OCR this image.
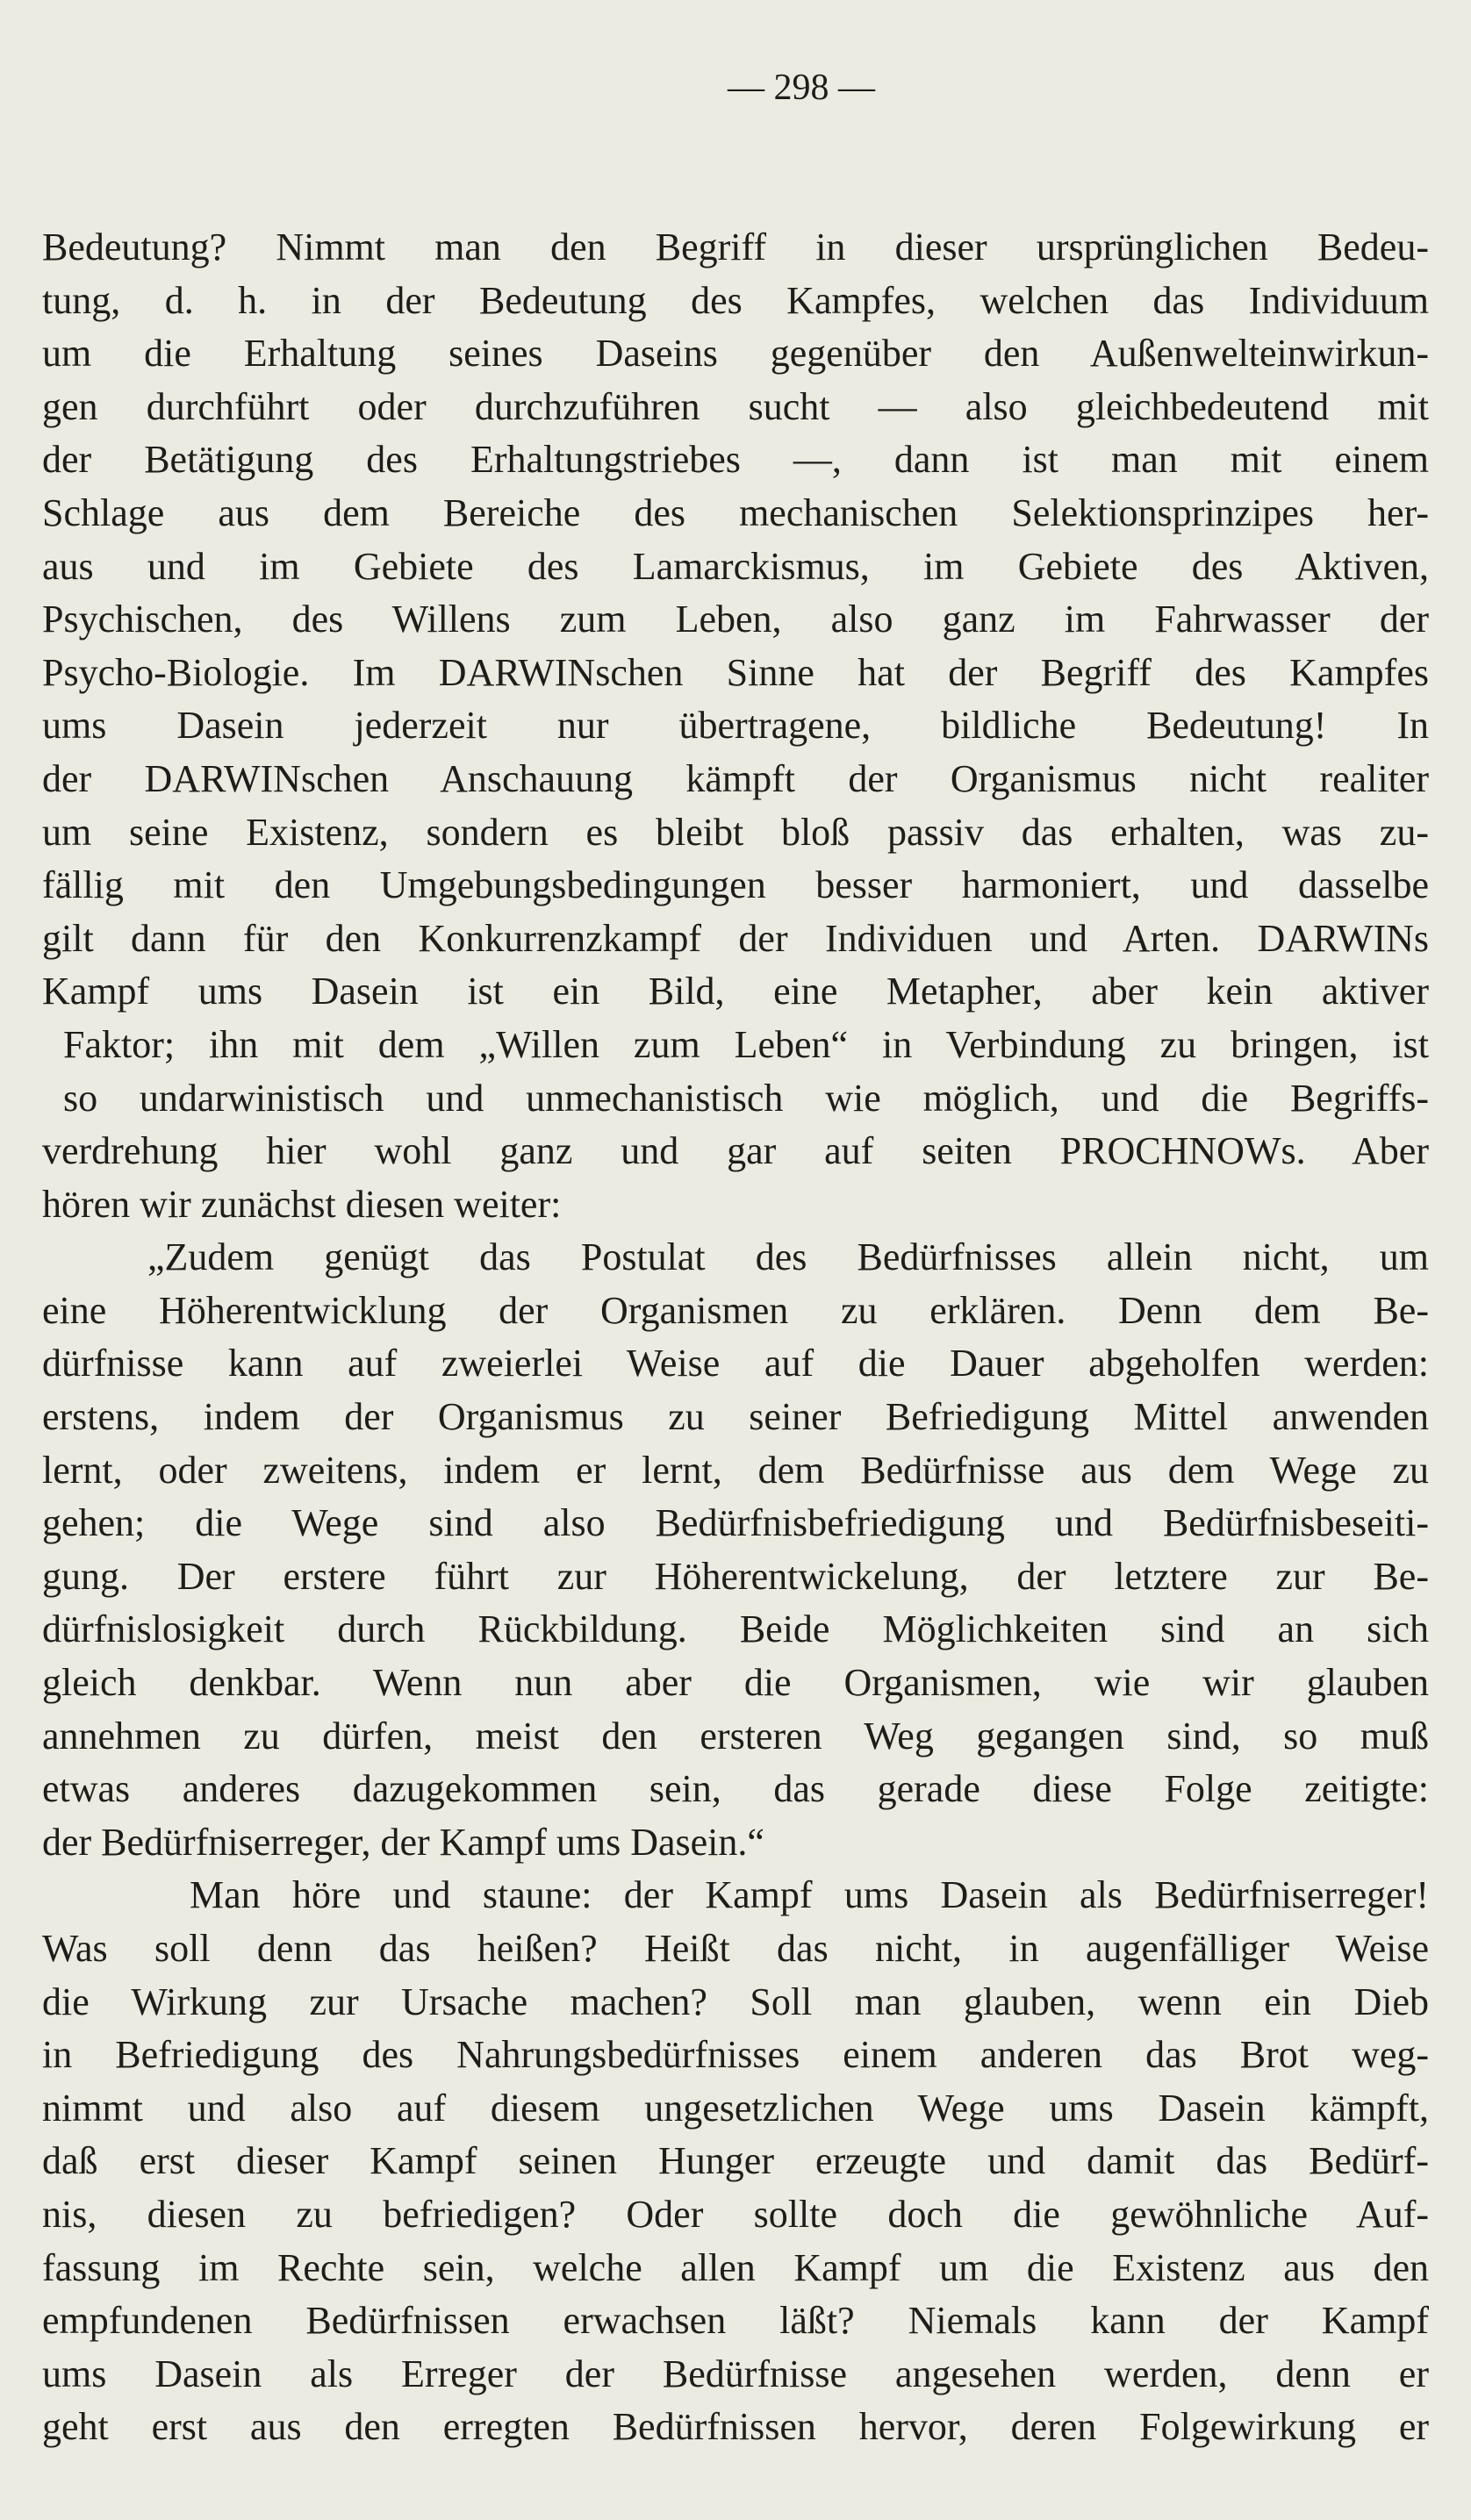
— 298 —
Bedeutung? Nimmt man den Begriff in dieser ursprünglichen Bedeu-
tung, d. h. in der Bedeutung des Kampfes, welchen das Individuum
um die Erhaltung seines Daseins gegenüber den Außenwelteinwirkun-
gen durchführt oder durchzuführen sucht — also gleichbedeutend mit
der Betätigung des Erhaltungstriebes —, dann ist man mit einem
Schlage aus dem Bereiche des mechanischen Selektionsprinzipes her-
aus und im Gebiete des Lamarckismus, im Gebiete des Aktiven,
Psychischen, des Willens zum Leben, also ganz im Fahrwasser der
Psycho-Biologie. Im DARWINschen Sinne hat der Begriff des Kampfes
ums Dasein jederzeit nur übertragene, bildliche Bedeutung! In
der DARWINschen Anschauung kämpft der Organismus nicht realiter
um seine Existenz, sondern es bleibt bloß passiv das erhalten, was zu-
fällig mit den Umgebungsbedingungen besser harmoniert, und dasselbe
gilt dann für den Konkurrenzkampf der Individuen und Arten. DARWINs
Kampf ums Dasein ist ein Bild, eine Metapher, aber kein aktiver
Faktor; ihn mit dem „Willen zum Leben“ in Verbindung zu bringen, ist
so undarwinistisch und unmechanistisch wie möglich, und die Begriffs-
verdrehung hier wohl ganz und gar auf seiten PROCHNOWs. Aber
hören wir zunächst diesen weiter:
„Zudem genügt das Postulat des Bedürfnisses allein nicht, um
eine Höherentwicklung der Organismen zu erklären. Denn dem Be-
dürfnisse kann auf zweierlei Weise auf die Dauer abgeholfen werden:
erstens, indem der Organismus zu seiner Befriedigung Mittel anwenden
lernt, oder zweitens, indem er lernt, dem Bedürfnisse aus dem Wege zu
gehen; die Wege sind also Bedürfnisbefriedigung und Bedürfnisbeseiti-
gung. Der erstere führt zur Höherentwickelung, der letztere zur Be-
dürfnislosigkeit durch Rückbildung. Beide Möglichkeiten sind an sich
gleich denkbar. Wenn nun aber die Organismen, wie wir glauben
annehmen zu dürfen, meist den ersteren Weg gegangen sind, so muß
etwas anderes dazugekommen sein, das gerade diese Folge zeitigte:
der Bedürfniserreger, der Kampf ums Dasein.“
Man höre und staune: der Kampf ums Dasein als Bedürfniserreger!
Was soll denn das heißen? Heißt das nicht, in augenfälliger Weise
die Wirkung zur Ursache machen? Soll man glauben, wenn ein Dieb
in Befriedigung des Nahrungsbedürfnisses einem anderen das Brot weg-
nimmt und also auf diesem ungesetzlichen Wege ums Dasein kämpft,
daß erst dieser Kampf seinen Hunger erzeugte und damit das Bedürf-
nis, diesen zu befriedigen? Oder sollte doch die gewöhnliche Auf-
fassung im Rechte sein, welche allen Kampf um die Existenz aus den
empfundenen Bedürfnissen erwachsen läßt? Niemals kann der Kampf
ums Dasein als Erreger der Bedürfnisse angesehen werden, denn er
geht erst aus den erregten Bedürfnissen hervor, deren Folgewirkung er
